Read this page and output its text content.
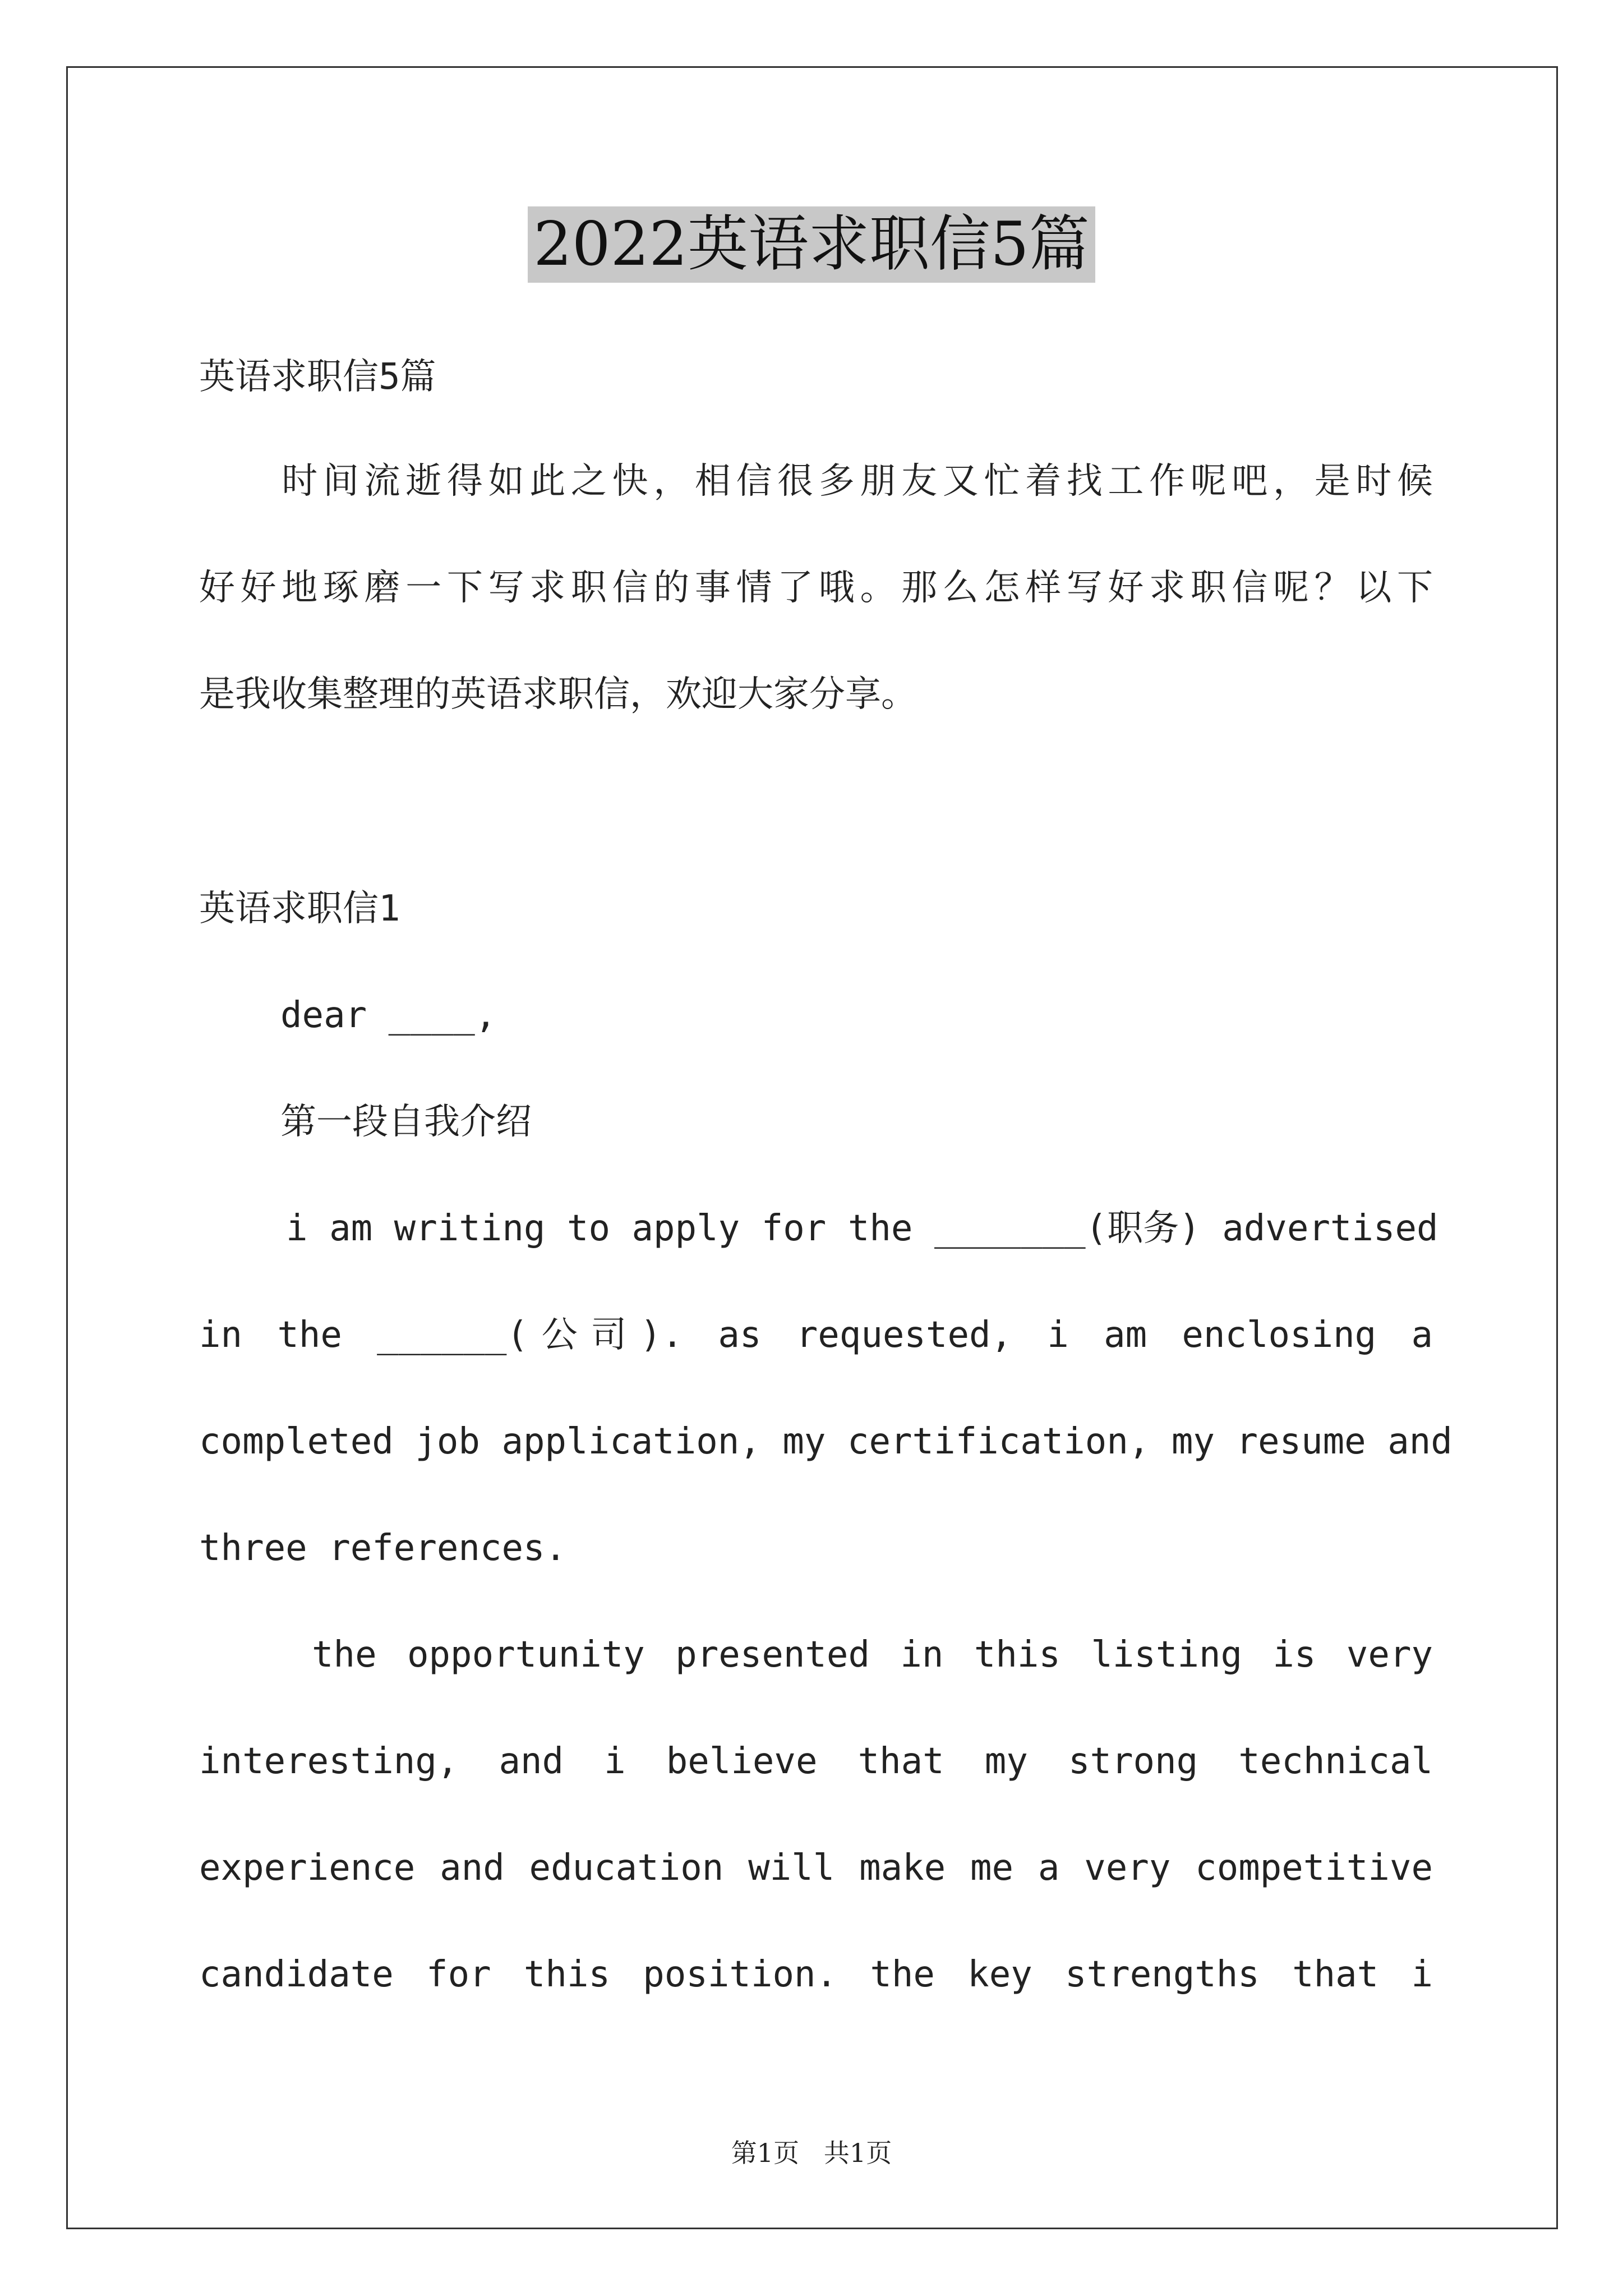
2022英语求职信5篇
英语求职信5篇
　　时间流逝得如此之快，相信很多朋友又忙着找工作呢吧，是时候
好好地琢磨一下写求职信的事情了哦。那么怎样写好求职信呢？以下
是我收集整理的英语求职信，欢迎大家分享。
英语求职信1
dear ____,
第一段自我介绍
i am writing to apply for the _______(职务) advertised
in the ______(公司). as requested, i am enclosing a
completed job application, my certification, my resume and
three references.
the opportunity presented in this listing is very
interesting, and i believe that my strong technical
experience and education will make me a very competitive
candidate for this position. the key strengths that i
第1页   共1页
